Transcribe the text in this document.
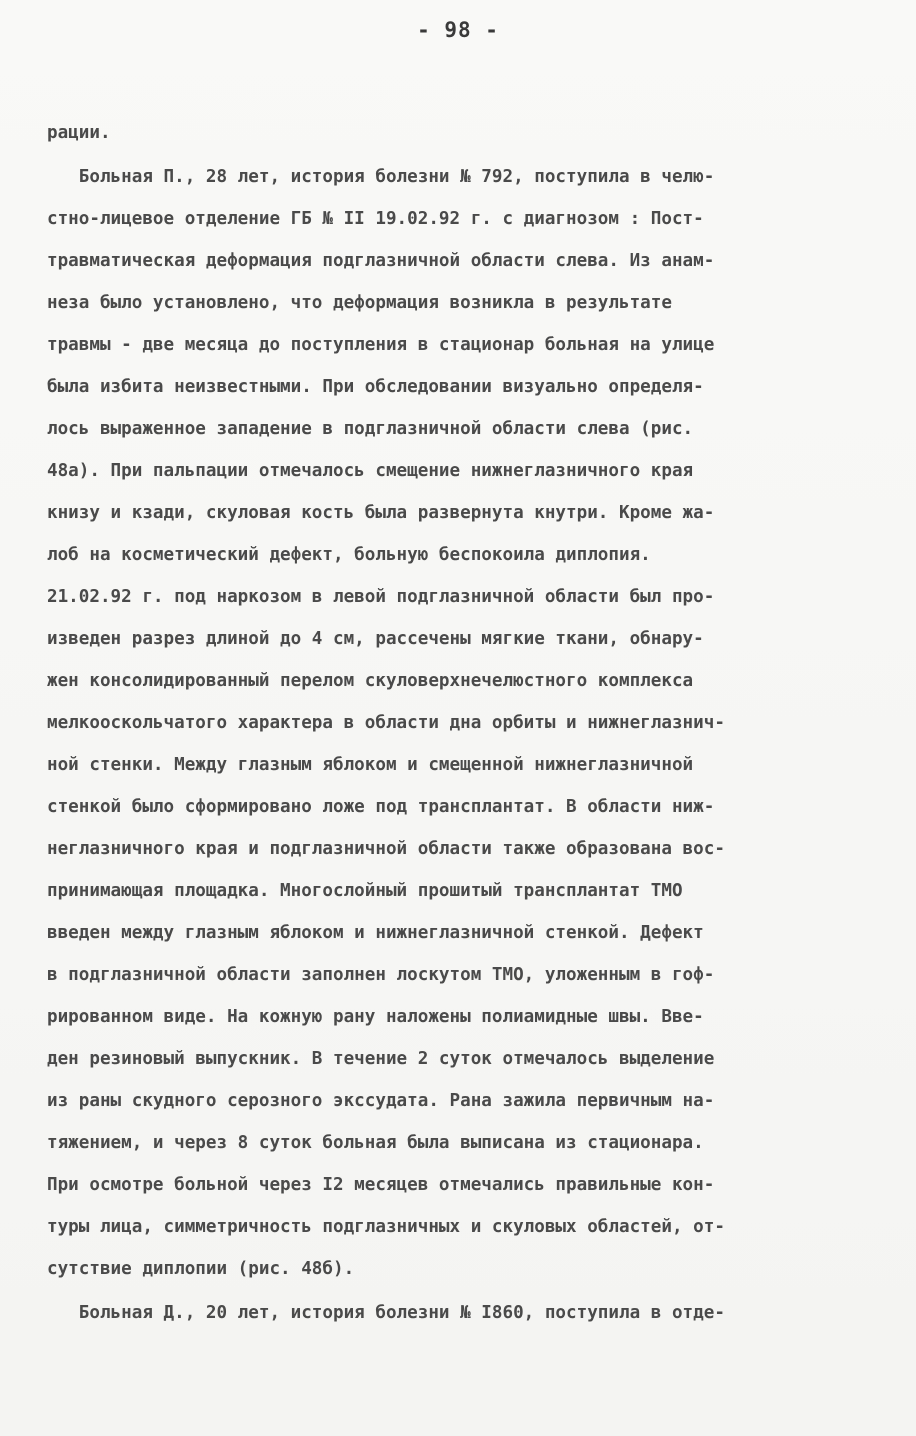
- 98 -

рации.

Больная П., 28 лет, история болезни № 792, поступила в челю-

стно-лицевое отделение ГБ № II 19.02.92 г. с диагнозом : Пост-

травматическая деформация подглазничной области слева. Из анам-

неза было установлено, что деформация возникла в результате

травмы - две месяца до поступления в стационар больная на улице

была избита неизвестными. При обследовании визуально определя-

лось выраженное западение в подглазничной области слева (рис.

48а). При пальпации отмечалось смещение нижнеглазничного края

книзу и кзади, скуловая кость была развернута кнутри. Кроме жа-

лоб на косметический дефект, больную беспокоила диплопия.

21.02.92 г. под наркозом в левой подглазничной области был про-

изведен разрез длиной до 4 см, рассечены мягкие ткани, обнару-

жен консолидированный перелом скуловерхнечелюстного комплекса

мелкооскольчатого характера в области дна орбиты и нижнеглазнич-

ной стенки. Между глазным яблоком и смещенной нижнеглазничной

стенкой было сформировано ложе под трансплантат. В области ниж-

неглазничного края и подглазничной области также образована вос-

принимающая площадка. Многослойный прошитый трансплантат ТМО

введен между глазным яблоком и нижнеглазничной стенкой. Дефект

в подглазничной области заполнен лоскутом ТМО, уложенным в гоф-

рированном виде. На кожную рану наложены полиамидные швы. Вве-

ден резиновый выпускник. В течение 2 суток отмечалось выделение

из раны скудного серозного экссудата. Рана зажила первичным на-

тяжением, и через 8 суток больная была выписана из стационара.

При осмотре больной через I2 месяцев отмечались правильные кон-

туры лица, симметричность подглазничных и скуловых областей, от-

сутствие диплопии (рис. 48б).

Больная Д., 20 лет, история болезни № I860, поступила в отде-
